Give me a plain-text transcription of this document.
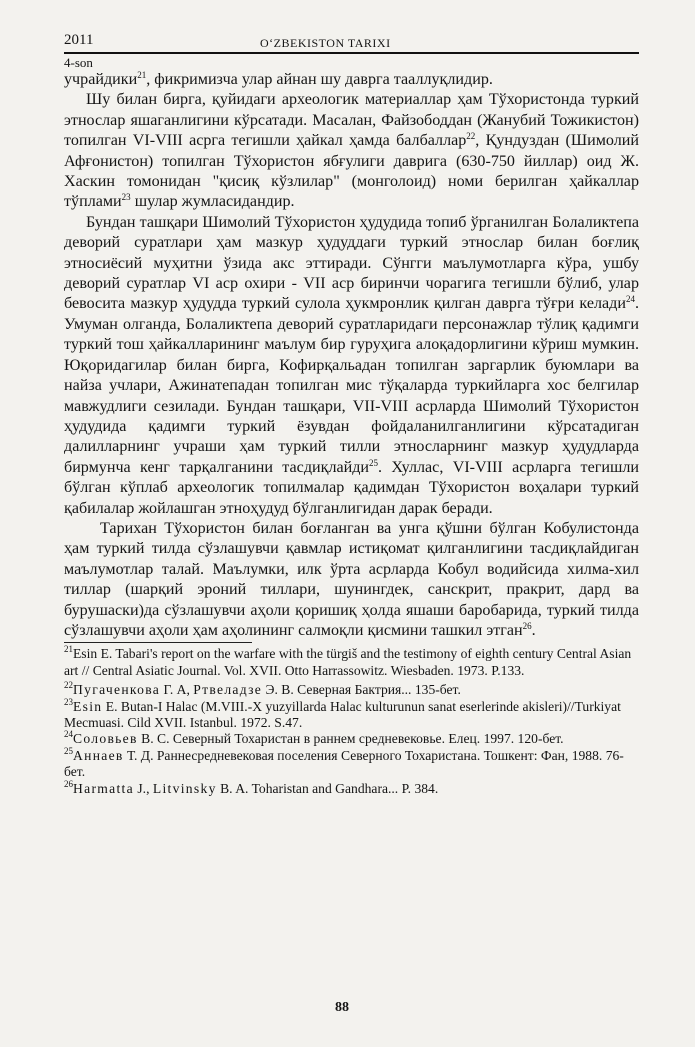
2011	O‘ZBEKISTON TARIXI
4-son

учрайдики$^{21}$, фикримизча улар айнан шу даврга тааллуқлидир.

Шу билан бирга, қуйидаги археологик материаллар ҳам Тўхористонда туркий этнослар яшаганлигини кўрсатади. Масалан, Файзободдан (Жанубий Тожикистон) топилган VI-VIII асрга тегишли ҳайкал ҳамда балбаллар$^{22}$, Қундуздан (Шимолий Афғонистон) топилган Тўхористон ябғулиги даврига (630-750 йиллар) оид Ж. Хаскин томонидан "қисиқ кўзлилар" (монголоид) номи берилган ҳайкаллар тўплами$^{23}$ шулар жумласидандир.

Бундан ташқари Шимолий Тўхористон ҳудудида топиб ўрганилган Болаликтепа деворий суратлари ҳам мазкур ҳудуддаги туркий этнослар билан боғлиқ этносиёсий муҳитни ўзида акс эттиради. Сўнгги маълумотларга кўра, ушбу деворий суратлар VI аср охири - VII аср биринчи чорагига тегишли бўлиб, улар бевосита мазкур ҳудудда туркий сулола ҳукмронлик қилган даврга тўғри келади$^{24}$. Умуман олганда, Болаликтепа деворий суратларидаги персонажлар тўлиқ қадимги туркий тош ҳайкалларининг маълум бир гуруҳига алоқадорлигини кўриш мумкин. Юқоридагилар билан бирга, Кофирқальадан топилган заргарлик буюмлари ва найза учлари, Ажинатепадан топилган мис тўқаларда туркийларга хос белгилар мавжудлиги сезилади. Бундан ташқари, VII-VIII асрларда Шимолий Тўхористон ҳудудида қадимги туркий ёзувдан фойдаланилганлигини кўрсатадиган далилларнинг учраши ҳам туркий тилли этносларнинг мазкур ҳудудларда бирмунча кенг тарқалганини тасдиқлайди$^{25}$. Хуллас, VI-VIII асрларга тегишли бўлган кўплаб археологик топилмалар қадимдан Тўхористон воҳалари туркий қабилалар жойлашган этноҳудуд бўлганлигидан дарак беради.

Тарихан Тўхористон билан боғланган ва унга қўшни бўлган Кобулистонда ҳам туркий тилда сўзлашувчи қавмлар истиқомат қилганлигини тасдиқлайдиган маълумотлар талай. Маълумки, илк ўрта асрларда Кобул водийсида хилма-хил тиллар (шарқий эроний тиллари, шунингдек, санскрит, пракрит, дард ва бурушаски)да сўзлашувчи аҳоли қоришиқ ҳолда яшаши баробарида, туркий тилда сўзлашувчи аҳоли ҳам аҳолининг салмоқли қисмини ташкил этган$^{26}$.

$^{21}$Esin E. Tabari's report on the warfare with the türgiš and the testimony of eighth century Central Asian art // Central Asiatic Journal. Vol. XVII. Otto Harrassowitz. Wiesbaden. 1973. P.133.

$^{22}$Пугаченкова Г. А, Ртвеладзе Э. В. Северная Бактрия... 135-бет.

$^{23}$Esin E. Butan-I Halac (M.VIII.-X yuzyillarda Halac kulturunun sanat eserlerinde akisleri)//Turkiyat Mecmuasi. Cild XVII. Istanbul. 1972. S.47.

$^{24}$Соловьев В. С. Северный Тохаристан в раннем средневековье. Елец. 1997. 120-бет.

$^{25}$Аннаев Т. Д. Раннесредневековая поселения Северного Тохаристана. Тошкент: Фан, 1988. 76-бет.

$^{26}$Harmatta J., Litvinsky B. A. Toharistan and Gandhara... P. 384.

88
